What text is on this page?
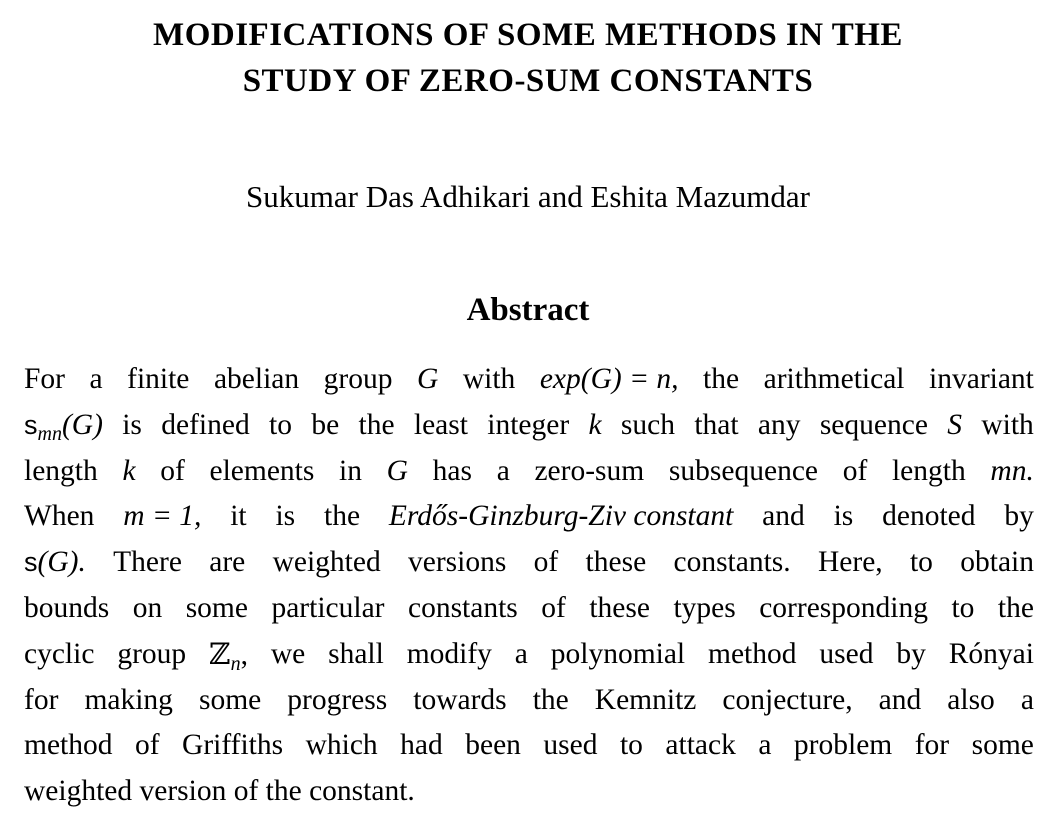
MODIFICATIONS OF SOME METHODS IN THE
STUDY OF ZERO-SUM CONSTANTS
Sukumar Das Adhikari and Eshita Mazumdar
Abstract
For a finite abelian group G with exp(G) = n, the arithmetical invariant
$s_{mn}(G)$ is defined to be the least integer k such that any sequence S with
length k of elements in G has a zero-sum subsequence of length mn.
When m = 1, it is the Erdős-Ginzburg-Ziv constant and is denoted by
s(G). There are weighted versions of these constants. Here, to obtain
bounds on some particular constants of these types corresponding to the
cyclic group ℤ$_n$, we shall modify a polynomial method used by Rónyai
for making some progress towards the Kemnitz conjecture, and also a
method of Griffiths which had been used to attack a problem for some
weighted version of the constant.
